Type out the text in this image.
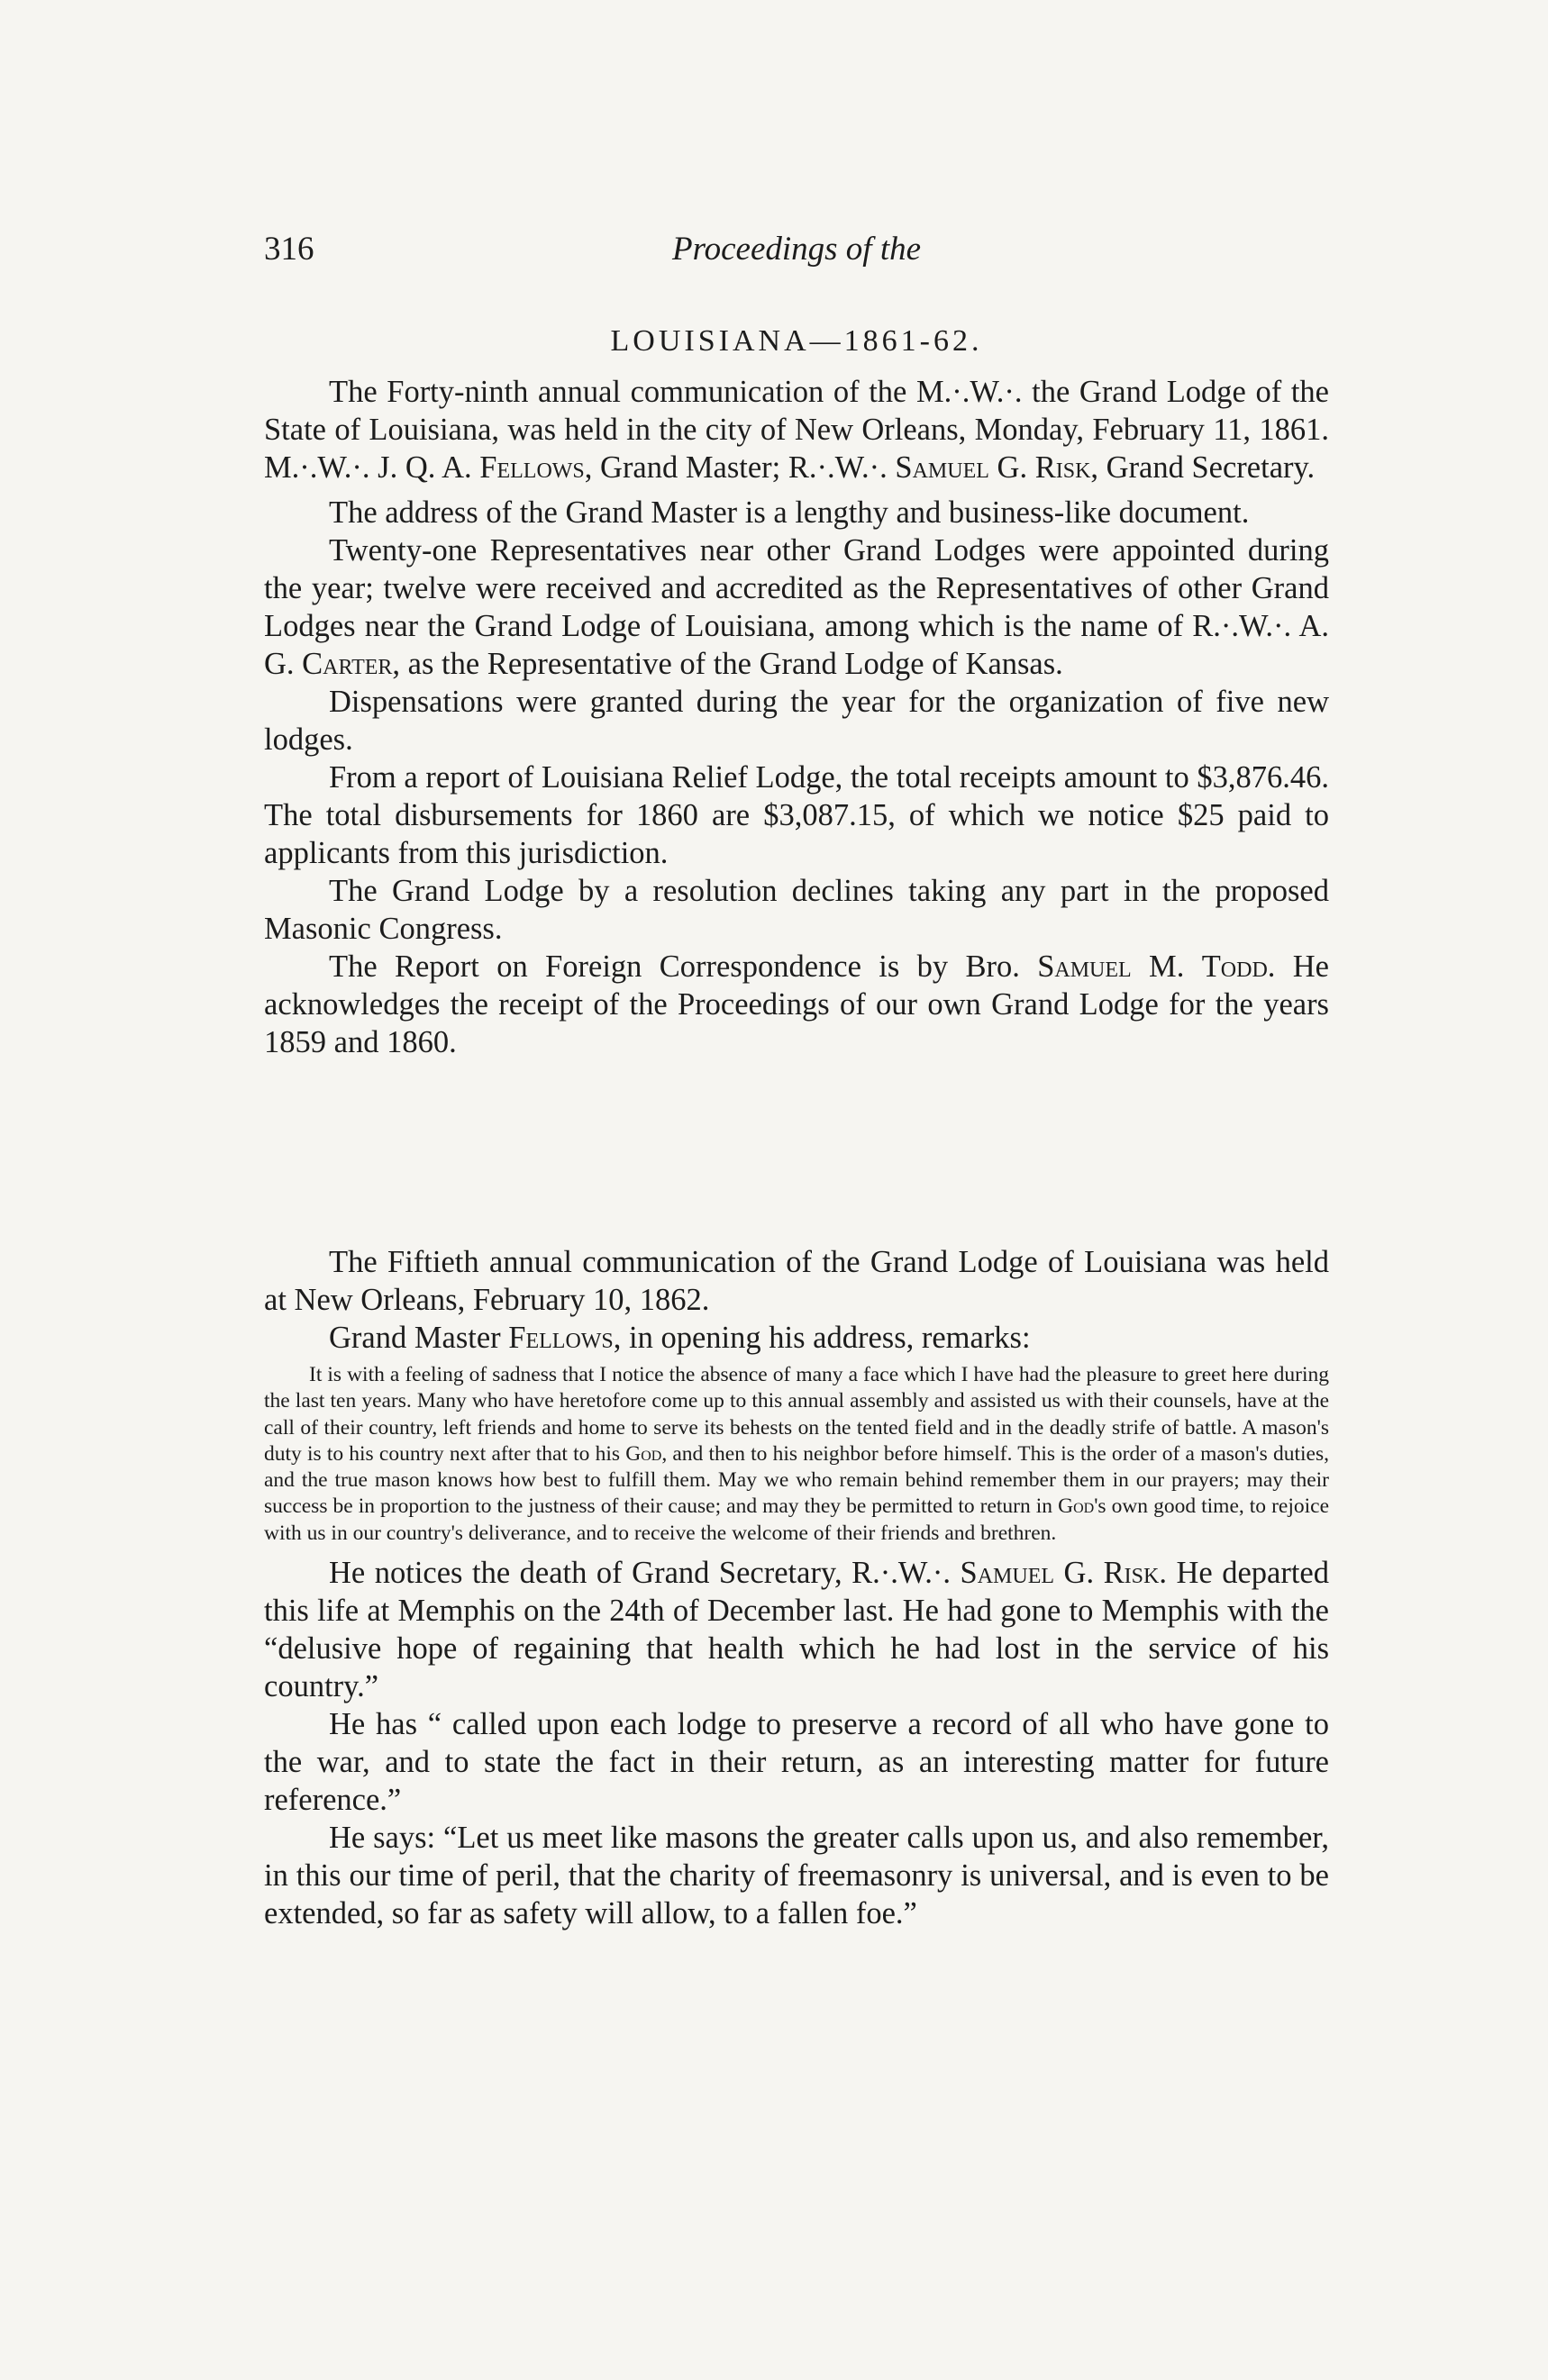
316	Proceedings of the
LOUISIANA—1861-62.

The Forty-ninth annual communication of the M.·.W.·. the Grand Lodge of the State of Louisiana, was held in the city of New Orleans, Monday, February 11, 1861. M.·.W.·. J. Q. A. Fellows, Grand Master; R.·.W.·. Samuel G. Risk, Grand Secretary.

The address of the Grand Master is a lengthy and business-like document.

Twenty-one Representatives near other Grand Lodges were appointed during the year; twelve were received and accredited as the Representatives of other Grand Lodges near the Grand Lodge of Louisiana, among which is the name of R.·.W.·. A. G. Carter, as the Representative of the Grand Lodge of Kansas.

Dispensations were granted during the year for the organization of five new lodges.

From a report of Louisiana Relief Lodge, the total receipts amount to $3,876.46. The total disbursements for 1860 are $3,087.15, of which we notice $25 paid to applicants from this jurisdiction.

The Grand Lodge by a resolution declines taking any part in the proposed Masonic Congress.

The Report on Foreign Correspondence is by Bro. Samuel M. Todd. He acknowledges the receipt of the Proceedings of our own Grand Lodge for the years 1859 and 1860.

The Fiftieth annual communication of the Grand Lodge of Louisiana was held at New Orleans, February 10, 1862.

Grand Master Fellows, in opening his address, remarks:

It is with a feeling of sadness that I notice the absence of many a face which I have had the pleasure to greet here during the last ten years. Many who have heretofore come up to this annual assembly and assisted us with their counsels, have at the call of their country, left friends and home to serve its behests on the tented field and in the deadly strife of battle. A mason's duty is to his country next after that to his God, and then to his neighbor before himself. This is the order of a mason's duties, and the true mason knows how best to fulfill them. May we who remain behind remember them in our prayers; may their success be in proportion to the justness of their cause; and may they be permitted to return in God's own good time, to rejoice with us in our country's deliverance, and to receive the welcome of their friends and brethren.

He notices the death of Grand Secretary, R.·.W.·. Samuel G. Risk. He departed this life at Memphis on the 24th of December last. He had gone to Memphis with the “delusive hope of regaining that health which he had lost in the service of his country.”

He has “ called upon each lodge to preserve a record of all who have gone to the war, and to state the fact in their return, as an interesting matter for future reference.”

He says: “Let us meet like masons the greater calls upon us, and also remember, in this our time of peril, that the charity of freemasonry is universal, and is even to be extended, so far as safety will allow, to a fallen foe.”
